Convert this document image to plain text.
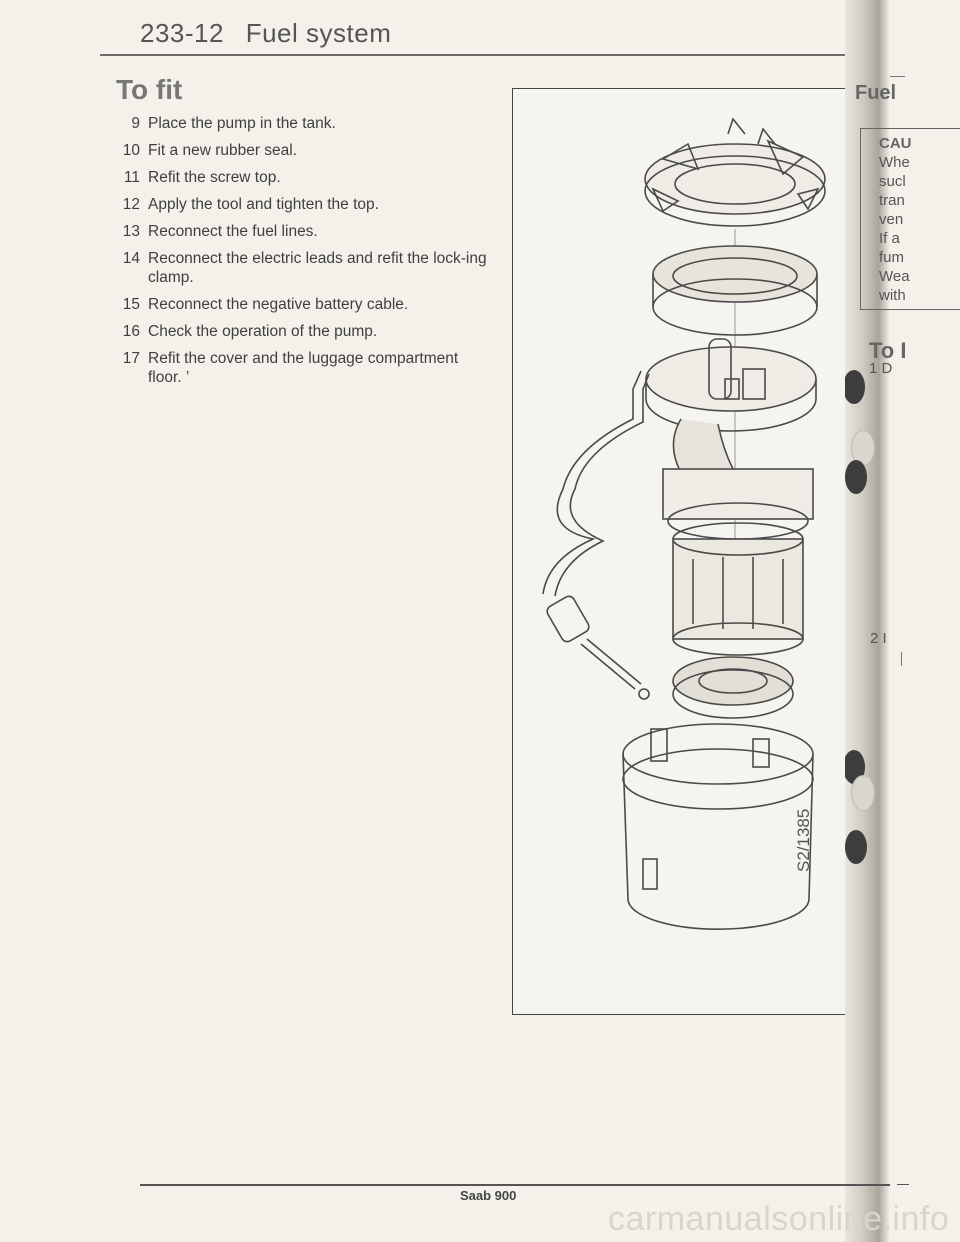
233-12 Fuel system
To fit
9 Place the pump in the tank.
10 Fit a new rubber seal.
11 Refit the screw top.
12 Apply the tool and tighten the top.
13 Reconnect the fuel lines.
14 Reconnect the electric leads and refit the lock-ing clamp.
15 Reconnect the negative battery cable.
16 Check the operation of the pump.
17 Refit the cover and the luggage compartment floor. ’
S2/1385
Fuel
CAU
Whe
sucl
tran
ven
If a
fum
Wea
with
To I
1 D
2 I
Saab 900
carmanualsonline.info
